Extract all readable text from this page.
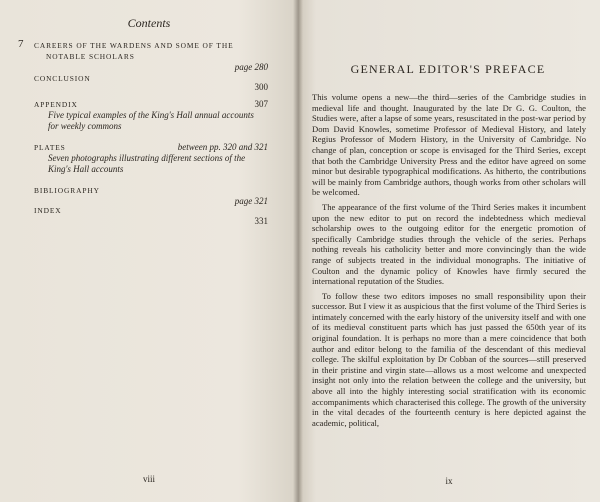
Contents
7 CAREERS OF THE WARDENS AND SOME OF THE
NOTABLE SCHOLARS
page 280
CONCLUSION
300
APPENDIX	307
Five typical examples of the King's Hall annual accounts for weekly commons
PLATES	between pp. 320 and 321
Seven photographs illustrating different sections of the King's Hall accounts
BIBLIOGRAPHY
page 321
INDEX
331
viii
GENERAL EDITOR'S PREFACE

This volume opens a new—the third—series of the Cambridge studies in medieval life and thought. Inaugurated by the late Dr G. G. Coulton, the Studies were, after a lapse of some years, resuscitated in the post-war period by Dom David Knowles, sometime Professor of Medieval History, and lately Regius Professor of Modern History, in the University of Cambridge. No change of plan, conception or scope is envisaged for the Third Series, except that both the Cambridge University Press and the editor have agreed on some minor but desirable typographical modifications. As hitherto, the contributions will be mainly from Cambridge authors, though works from other scholars will be welcomed.

The appearance of the first volume of the Third Series makes it incumbent upon the new editor to put on record the indebtedness which medieval scholarship owes to the outgoing editor for the energetic promotion of specifically Cambridge studies through the vehicle of the series. Perhaps nothing reveals his catholicity better and more convincingly than the wide range of subjects treated in the individual monographs. The initiative of Coulton and the dynamic policy of Knowles have firmly secured the international reputation of the Studies.

To follow these two editors imposes no small responsibility upon their successor. But I view it as auspicious that the first volume of the Third Series is intimately concerned with the early history of the university itself and with one of its medieval constituent parts which has just passed the 650th year of its original foundation. It is perhaps no more than a mere coincidence that both author and editor belong to the familia of the descendant of this medieval college. The skilful exploitation by Dr Cobban of the sources—still preserved in their pristine and virgin state—allows us a most welcome and unexpected insight not only into the relation between the college and the university, but above all into the highly interesting social stratification with its economic accompaniments which characterised this college. The growth of the university in the vital decades of the fourteenth century is here depicted against the academic, political,

ix
